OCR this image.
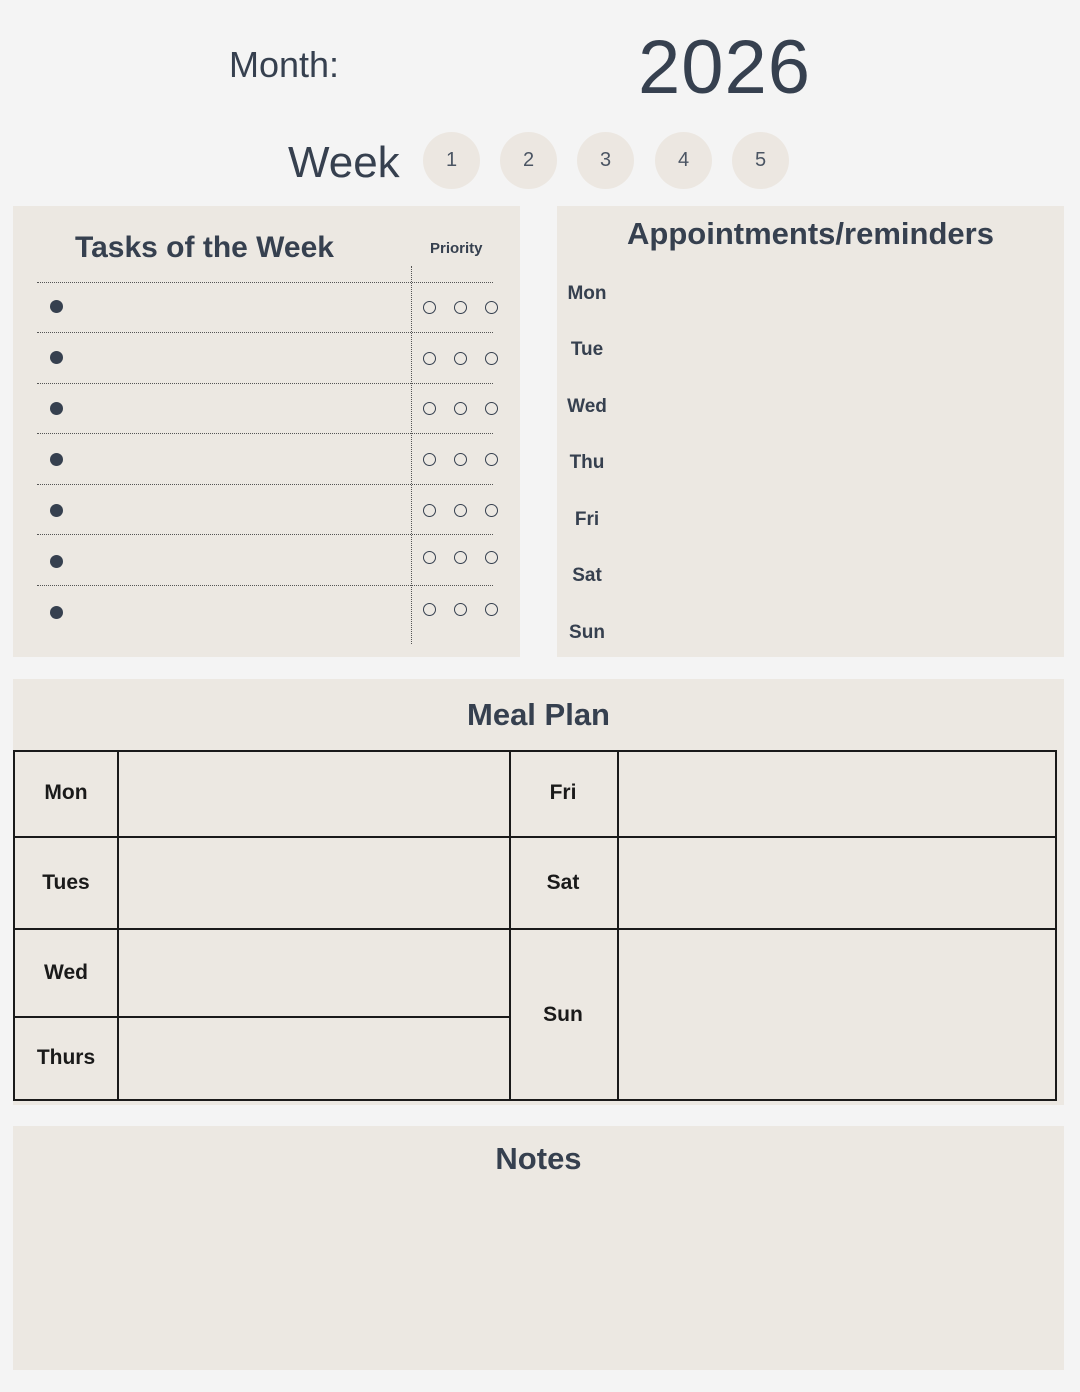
Month:	2026
Week	1	2	3	4	5
Tasks of the Week	Priority	Appointments/reminders
Mon
Tue
Wed
Thu
Fri
Sat
Sun
Meal Plan
Mon
Tues
Wed
Thurs
Fri
Sat
Sun
Notes
